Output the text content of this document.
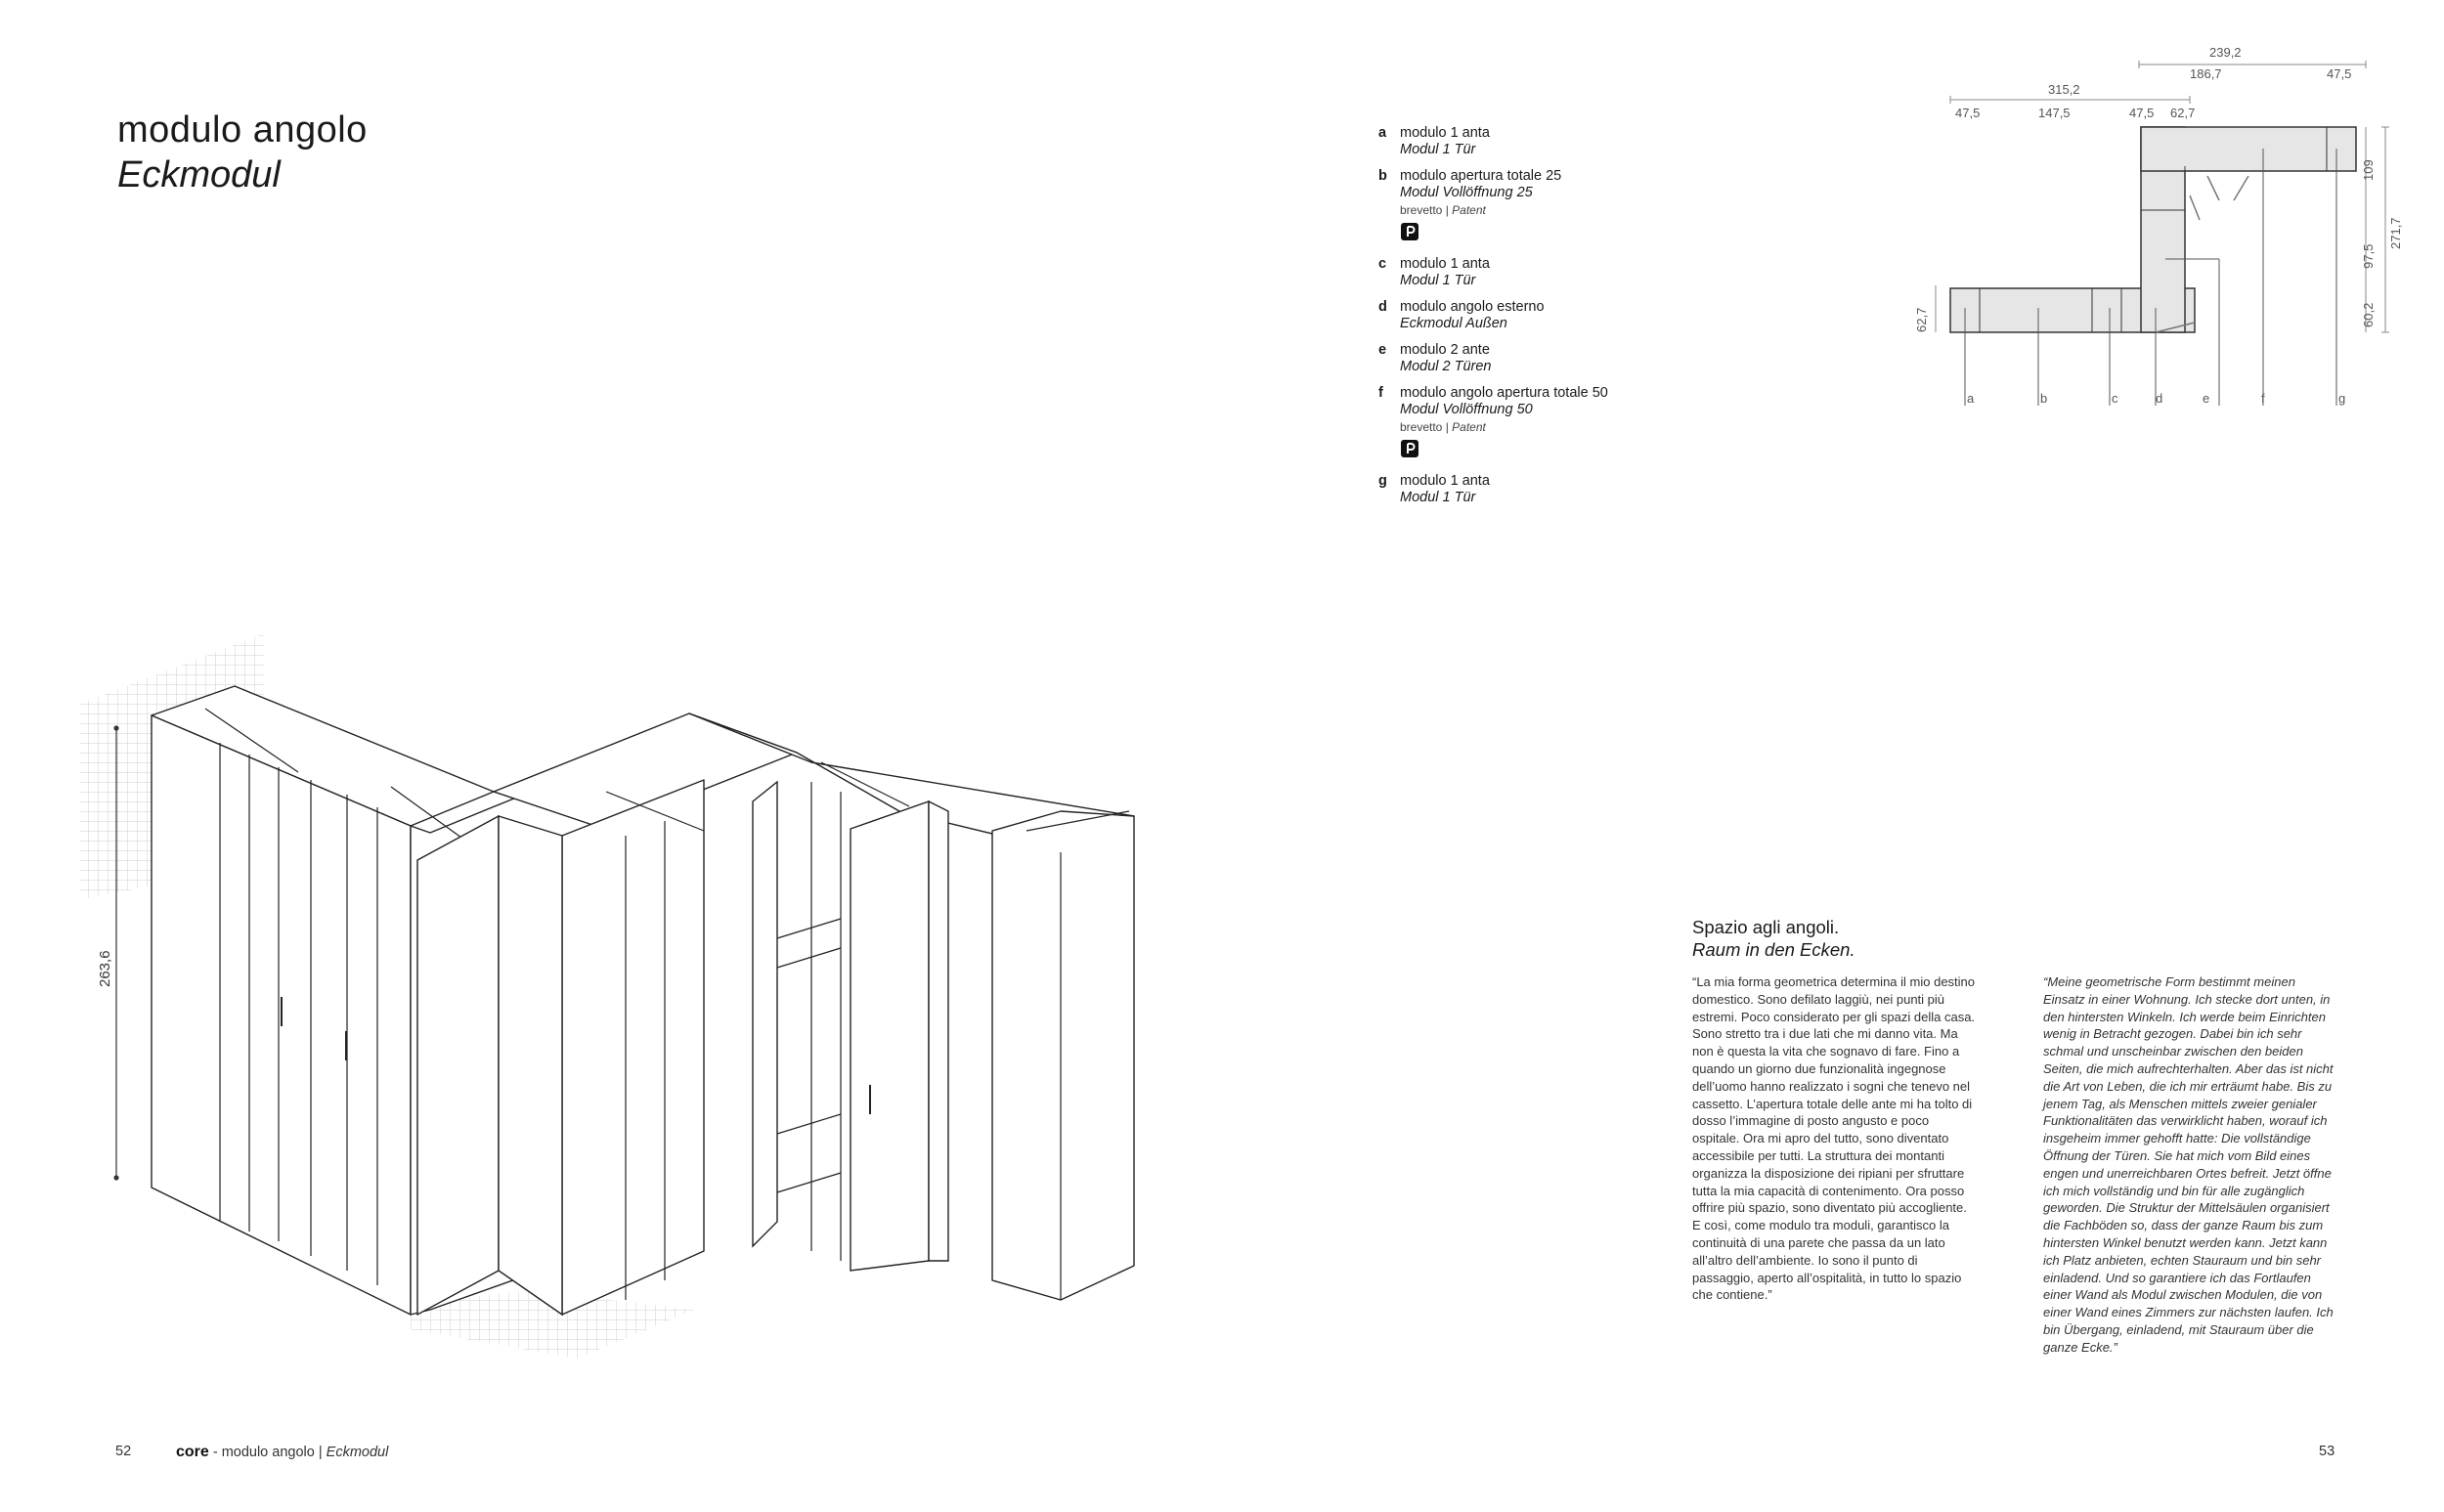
modulo angolo
Eckmodul
a modulo 1 anta
Modul 1 Tür
b modulo apertura totale 25
Modul Vollöffnung 25
brevetto | Patent
c modulo 1 anta
Modul 1 Tür
d modulo angolo esterno
Eckmodul Außen
e modulo 2 ante
Modul 2 Türen
f modulo angolo apertura totale 50
Modul Vollöffnung 50
brevetto | Patent
g modulo 1 anta
Modul 1 Tür
239,2
186,7	47,5
315,2
47,5	147,5	47,5 62,7
109
97,5
271,7
60,2
62,7
a	b	c	d	e	f	g
263,6
Spazio agli angoli.
Raum in den Ecken.
“La mia forma geometrica determina il mio destino domestico. Sono defilato laggiù, nei punti più estremi. Poco considerato per gli spazi della casa. Sono stretto tra i due lati che mi danno vita. Ma non è questa la vita che sognavo di fare. Fino a quando un giorno due funzionalità ingegnose dell’uomo hanno realizzato i sogni che tenevo nel cassetto. L’apertura totale delle ante mi ha tolto di dosso l’immagine di posto angusto e poco ospitale. Ora mi apro del tutto, sono diventato accessibile per tutti. La struttura dei montanti organizza la disposizione dei ripiani per sfruttare tutta la mia capacità di contenimento. Ora posso offrire più spazio, sono diventato più accogliente. E così, come modulo tra moduli, garantisco la continuità di una parete che passa da un lato all’altro dell’ambiente. Io sono il punto di passaggio, aperto all’ospitalità, in tutto lo spazio che contiene.”
“Meine geometrische Form bestimmt meinen Einsatz in einer Wohnung. Ich stecke dort unten, in den hintersten Winkeln. Ich werde beim Einrichten wenig in Betracht gezogen. Dabei bin ich sehr schmal und unscheinbar zwischen den beiden Seiten, die mich aufrechterhalten. Aber das ist nicht die Art von Leben, die ich mir erträumt habe. Bis zu jenem Tag, als Menschen mittels zweier genialer Funktionalitäten das verwirklicht haben, worauf ich insgeheim immer gehofft hatte: Die vollständige Öffnung der Türen. Sie hat mich vom Bild eines engen und unerreichbaren Ortes befreit. Jetzt öffne ich mich vollständig und bin für alle zugänglich geworden. Die Struktur der Mittelsäulen organisiert die Fachböden so, dass der ganze Raum bis zum hintersten Winkel benutzt werden kann. Jetzt kann ich Platz anbieten, echten Stauraum und bin sehr einladend. Und so garantiere ich das Fortlaufen einer Wand als Modul zwischen Modulen, die von einer Wand eines Zimmers zur nächsten laufen. Ich bin Übergang, einladend, mit Stauraum über die ganze Ecke.”
52	core - modulo angolo | Eckmodul	53
